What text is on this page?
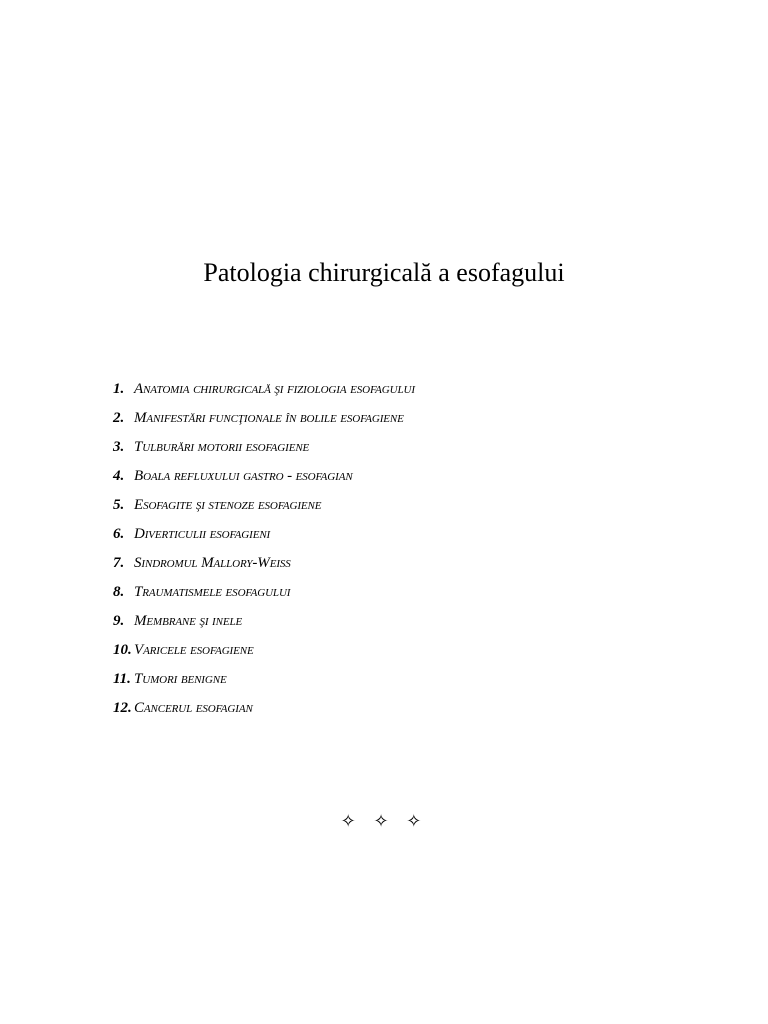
Patologia chirurgicală a esofagului
1. Anatomia chirurgicală şi fiziologia esofagului
2. Manifestări funcţionale în bolile esofagiene
3. Tulburări motorii esofagiene
4. Boala refluxului gastro - esofagian
5. Esofagite şi stenoze esofagiene
6. Diverticulii esofagieni
7. Sindromul Mallory-Weiss
8. Traumatismele esofagului
9. Membrane şi inele
10. Varicele esofagiene
11. Tumori benigne
12. Cancerul esofagian
✧ ✧ ✧
